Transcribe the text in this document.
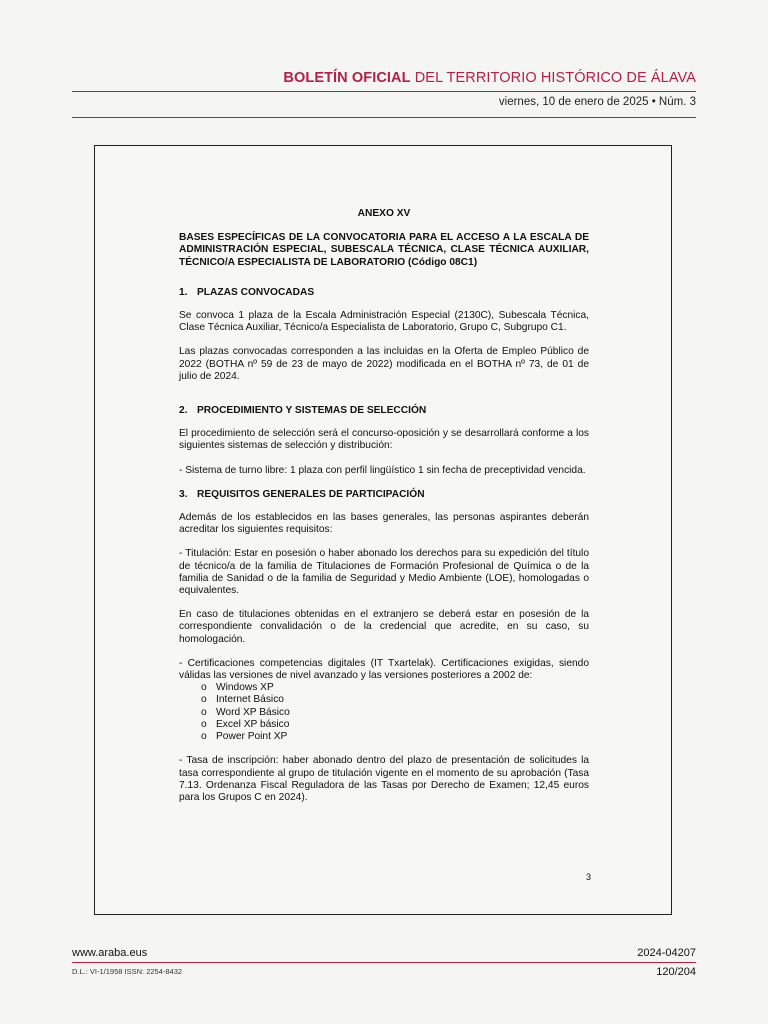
BOLETÍN OFICIAL DEL TERRITORIO HISTÓRICO DE ÁLAVA
viernes, 10 de enero de 2025 • Núm. 3
ANEXO XV
BASES ESPECÍFICAS DE LA CONVOCATORIA PARA EL ACCESO A LA ESCALA DE ADMINISTRACIÓN ESPECIAL, SUBESCALA TÉCNICA, CLASE TÉCNICA AUXILIAR, TÉCNICO/A ESPECIALISTA DE LABORATORIO (Código 08C1)
1. PLAZAS CONVOCADAS

Se convoca 1 plaza de la Escala Administración Especial (2130C), Subescala Técnica, Clase Técnica Auxiliar, Técnico/a Especialista de Laboratorio, Grupo C, Subgrupo C1.

Las plazas convocadas corresponden a las incluidas en la Oferta de Empleo Público de 2022 (BOTHA nº 59 de 23 de mayo de 2022) modificada en el BOTHA nº 73, de 01 de julio de 2024.

2. PROCEDIMIENTO Y SISTEMAS DE SELECCIÓN

El procedimiento de selección será el concurso-oposición y se desarrollará conforme a los siguientes sistemas de selección y distribución:

- Sistema de turno libre: 1 plaza con perfil lingüístico 1 sin fecha de preceptividad vencida.

3. REQUISITOS GENERALES DE PARTICIPACIÓN

Además de los establecidos en las bases generales, las personas aspirantes deberán acreditar los siguientes requisitos:

- Titulación: Estar en posesión o haber abonado los derechos para su expedición del título de técnico/a de la familia de Titulaciones de Formación Profesional de Química o de la familia de Sanidad o de la familia de Seguridad y Medio Ambiente (LOE), homologadas o equivalentes.

En caso de titulaciones obtenidas en el extranjero se deberá estar en posesión de la correspondiente convalidación o de la credencial que acredite, en su caso, su homologación.

- Certificaciones competencias digitales (IT Txartelak). Certificaciones exigidas, siendo válidas las versiones de nivel avanzado y las versiones posteriores a 2002 de:

o Windows XP
o Internet Básico
o Word XP Básico
o Excel XP básico
o Power Point XP

- Tasa de inscripción: haber abonado dentro del plazo de presentación de solicitudes la tasa correspondiente al grupo de titulación vigente en el momento de su aprobación (Tasa 7.13. Ordenanza Fiscal Reguladora de las Tasas por Derecho de Examen; 12,45 euros para los Grupos C en 2024).

3
www.araba.eus	2024-04207
D.L.: VI-1/1958 ISSN: 2254-8432	120/204
